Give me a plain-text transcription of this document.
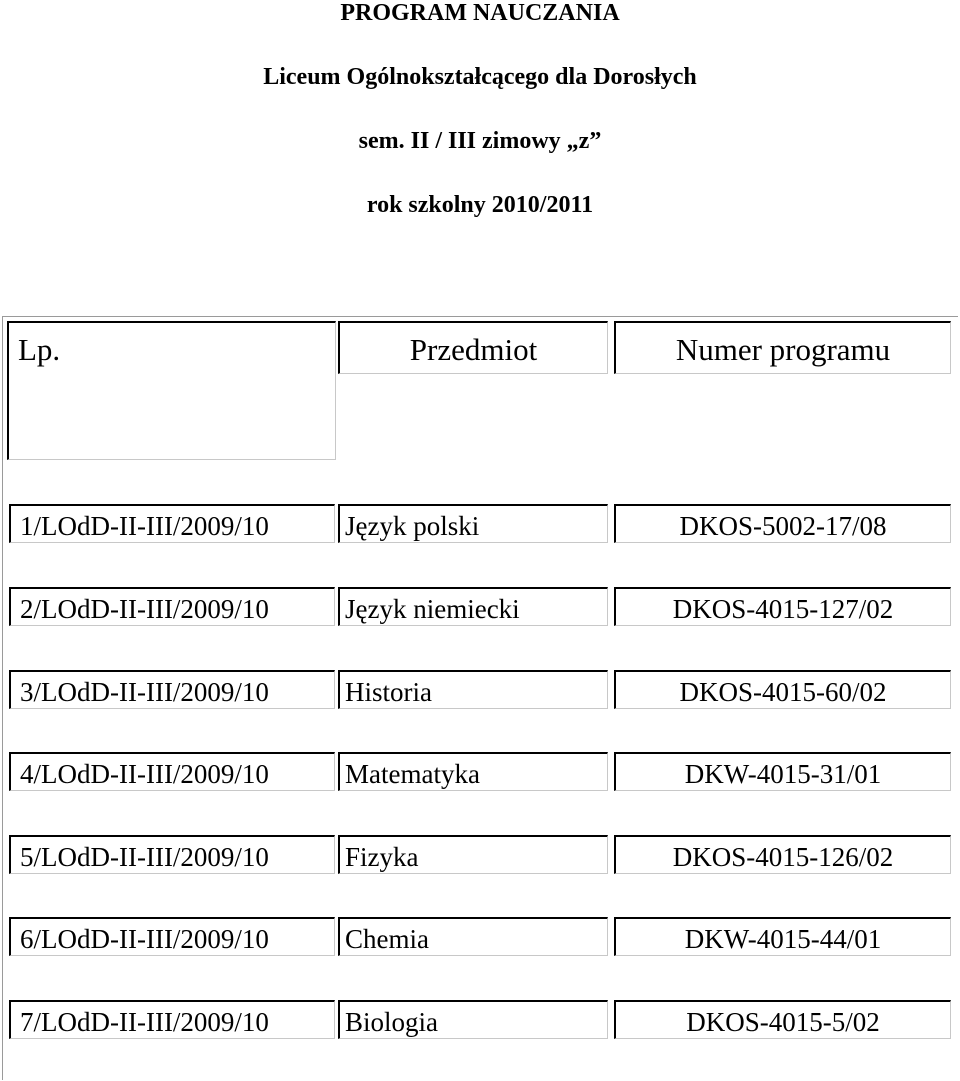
PROGRAM NAUCZANIA
Liceum Ogólnokształcącego dla Dorosłych
sem. II / III zimowy „z”
rok szkolny 2010/2011
Lp.	Przedmiot	Numer programu
1/LOdD-II-III/2009/10	Język polski	DKOS-5002-17/08
2/LOdD-II-III/2009/10	Język niemiecki	DKOS-4015-127/02
3/LOdD-II-III/2009/10	Historia	DKOS-4015-60/02
4/LOdD-II-III/2009/10	Matematyka	DKW-4015-31/01
5/LOdD-II-III/2009/10	Fizyka	DKOS-4015-126/02
6/LOdD-II-III/2009/10	Chemia	DKW-4015-44/01
7/LOdD-II-III/2009/10	Biologia	DKOS-4015-5/02
